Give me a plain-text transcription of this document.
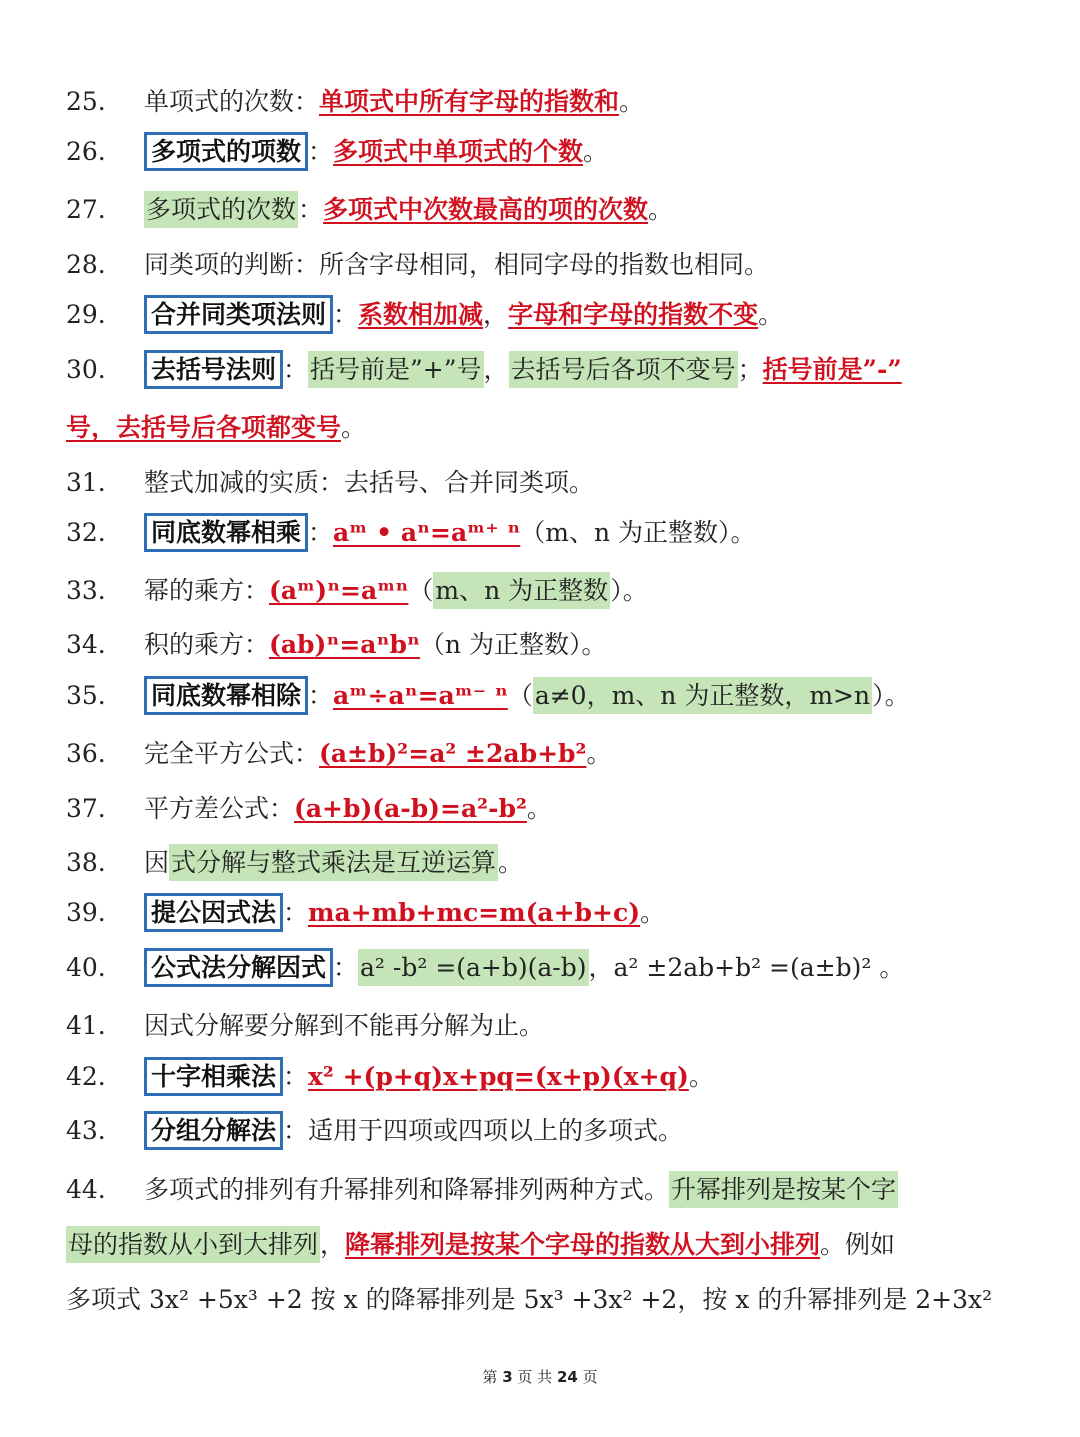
25. 单项式的次数：单项式中所有字母的指数和。
26. 多项式的项数 ：多项式中单项式的个数。
27. 多项式的次数：多项式中次数最高的项的次数。
28. 同类项的判断：所含字母相同，相同字母的指数也相同。
29. 合并同类项法则 ：系数相加减，字母和字母的指数不变。
30. 去括号法则 ：括号前是”+”号，去括号后各项不变号；括号前是”-”
号，去括号后各项都变号。
31. 整式加减的实质：去括号、合并同类项。
32. 同底数幂相乘 ：aᵐ • aⁿ=aᵐ⁺ ⁿ（m、n 为正整数）。
33. 幂的乘方：(aᵐ)ⁿ=aᵐⁿ（m、n 为正整数）。
34. 积的乘方：(ab)ⁿ=aⁿbⁿ（n 为正整数）。
35. 同底数幂相除 ：aᵐ÷aⁿ=aᵐ⁻ ⁿ（a≠0，m、n 为正整数，m>n）。
36. 完全平方公式：(a±b)²=a² ±2ab+b²。
37. 平方差公式：(a+b)(a-b)=a²-b²。
38. 因式分解与整式乘法是互逆运算。
39. 提公因式法 ：ma+mb+mc=m(a+b+c)。
40. 公式法分解因式 ：a² -b² =(a+b)(a-b)，a² ±2ab+b² =(a±b)² 。
41. 因式分解要分解到不能再分解为止。
42. 十字相乘法 ：x² +(p+q)x+pq=(x+p)(x+q)。
43. 分组分解法 ：适用于四项或四项以上的多项式。
44. 多项式的排列有升幂排列和降幂排列两种方式。升幂排列是按某个字
母的指数从小到大排列，降幂排列是按某个字母的指数从大到小排列。例如
多项式 3x² +5x³ +2 按 x 的降幂排列是 5x³ +3x² +2，按 x 的升幂排列是 2+3x²
第 3 页 共 24 页
